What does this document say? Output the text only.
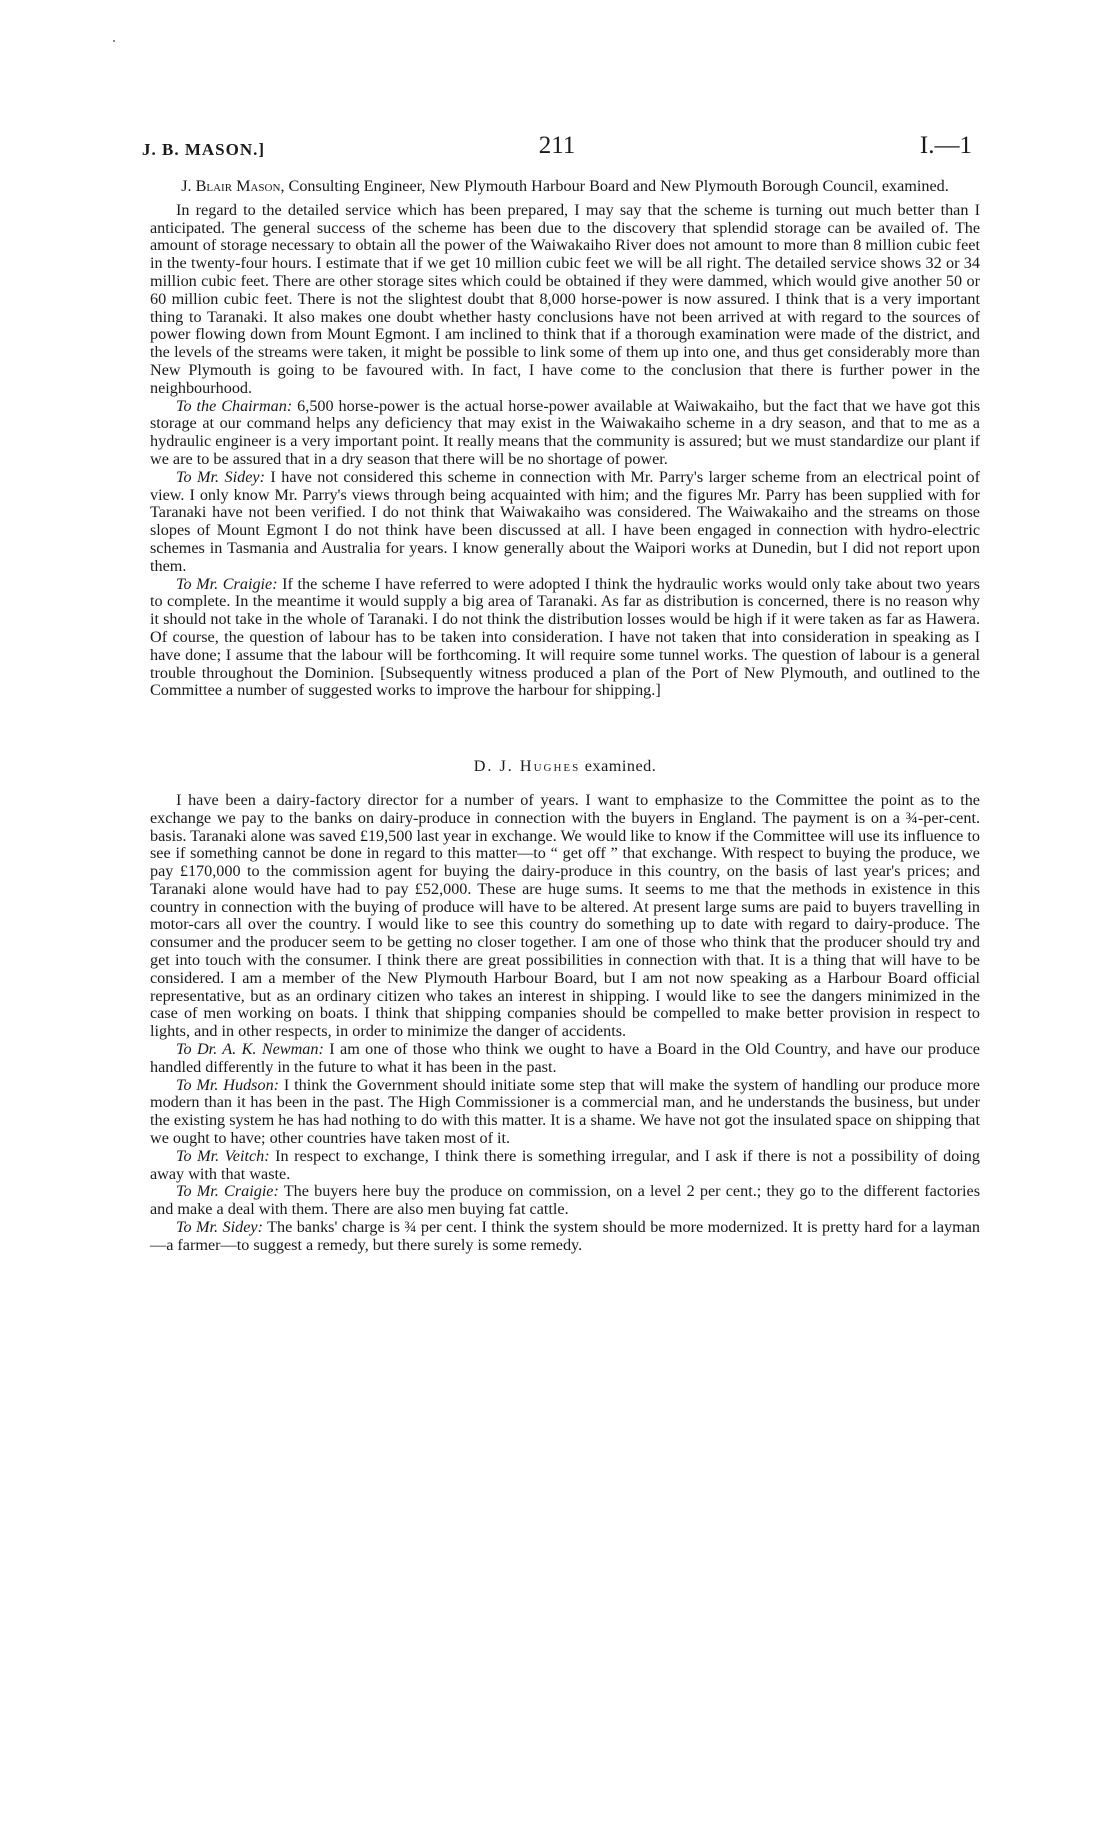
J. B. MASON.]	211	I.—1
J. Blair Mason, Consulting Engineer, New Plymouth Harbour Board and New Plymouth Borough Council, examined.

In regard to the detailed service which has been prepared, I may say that the scheme is turning out much better than I anticipated. The general success of the scheme has been due to the discovery that splendid storage can be availed of. The amount of storage necessary to obtain all the power of the Waiwakaiho River does not amount to more than 8 million cubic feet in the twenty-four hours. I estimate that if we get 10 million cubic feet we will be all right. The detailed service shows 32 or 34 million cubic feet. There are other storage sites which could be obtained if they were dammed, which would give another 50 or 60 million cubic feet. There is not the slightest doubt that 8,000 horse-power is now assured. I think that is a very important thing to Taranaki. It also makes one doubt whether hasty conclusions have not been arrived at with regard to the sources of power flowing down from Mount Egmont. I am inclined to think that if a thorough examination were made of the district, and the levels of the streams were taken, it might be possible to link some of them up into one, and thus get considerably more than New Plymouth is going to be favoured with. In fact, I have come to the conclusion that there is further power in the neighbourhood.

To the Chairman: 6,500 horse-power is the actual horse-power available at Waiwakaiho, but the fact that we have got this storage at our command helps any deficiency that may exist in the Waiwakaiho scheme in a dry season, and that to me as a hydraulic engineer is a very important point. It really means that the community is assured; but we must standardize our plant if we are to be assured that in a dry season that there will be no shortage of power.

To Mr. Sidey: I have not considered this scheme in connection with Mr. Parry's larger scheme from an electrical point of view. I only know Mr. Parry's views through being acquainted with him; and the figures Mr. Parry has been supplied with for Taranaki have not been verified. I do not think that Waiwakaiho was considered. The Waiwakaiho and the streams on those slopes of Mount Egmont I do not think have been discussed at all. I have been engaged in connection with hydro-electric schemes in Tasmania and Australia for years. I know generally about the Waipori works at Dunedin, but I did not report upon them.

To Mr. Craigie: If the scheme I have referred to were adopted I think the hydraulic works would only take about two years to complete. In the meantime it would supply a big area of Taranaki. As far as distribution is concerned, there is no reason why it should not take in the whole of Taranaki. I do not think the distribution losses would be high if it were taken as far as Hawera. Of course, the question of labour has to be taken into consideration. I have not taken that into consideration in speaking as I have done; I assume that the labour will be forthcoming. It will require some tunnel works. The question of labour is a general trouble throughout the Dominion. [Subsequently witness produced a plan of the Port of New Plymouth, and outlined to the Committee a number of suggested works to improve the harbour for shipping.]

D. J. Hughes examined.

I have been a dairy-factory director for a number of years. I want to emphasize to the Committee the point as to the exchange we pay to the banks on dairy-produce in connection with the buyers in England. The payment is on a ¾-per-cent. basis. Taranaki alone was saved £19,500 last year in exchange. We would like to know if the Committee will use its influence to see if something cannot be done in regard to this matter—to “ get off ” that exchange. With respect to buying the produce, we pay £170,000 to the commission agent for buying the dairy-produce in this country, on the basis of last year's prices; and Taranaki alone would have had to pay £52,000. These are huge sums. It seems to me that the methods in existence in this country in connection with the buying of produce will have to be altered. At present large sums are paid to buyers travelling in motor-cars all over the country. I would like to see this country do something up to date with regard to dairy-produce. The consumer and the producer seem to be getting no closer together. I am one of those who think that the producer should try and get into touch with the consumer. I think there are great possibilities in connection with that. It is a thing that will have to be considered. I am a member of the New Plymouth Harbour Board, but I am not now speaking as a Harbour Board official representative, but as an ordinary citizen who takes an interest in shipping. I would like to see the dangers minimized in the case of men working on boats. I think that shipping companies should be compelled to make better provision in respect to lights, and in other respects, in order to minimize the danger of accidents.

To Dr. A. K. Newman: I am one of those who think we ought to have a Board in the Old Country, and have our produce handled differently in the future to what it has been in the past.

To Mr. Hudson: I think the Government should initiate some step that will make the system of handling our produce more modern than it has been in the past. The High Commissioner is a commercial man, and he understands the business, but under the existing system he has had nothing to do with this matter. It is a shame. We have not got the insulated space on shipping that we ought to have; other countries have taken most of it.

To Mr. Veitch: In respect to exchange, I think there is something irregular, and I ask if there is not a possibility of doing away with that waste.

To Mr. Craigie: The buyers here buy the produce on commission, on a level 2 per cent.; they go to the different factories and make a deal with them. There are also men buying fat cattle.

To Mr. Sidey: The banks' charge is ¾ per cent. I think the system should be more modernized. It is pretty hard for a layman—a farmer—to suggest a remedy, but there surely is some remedy.
